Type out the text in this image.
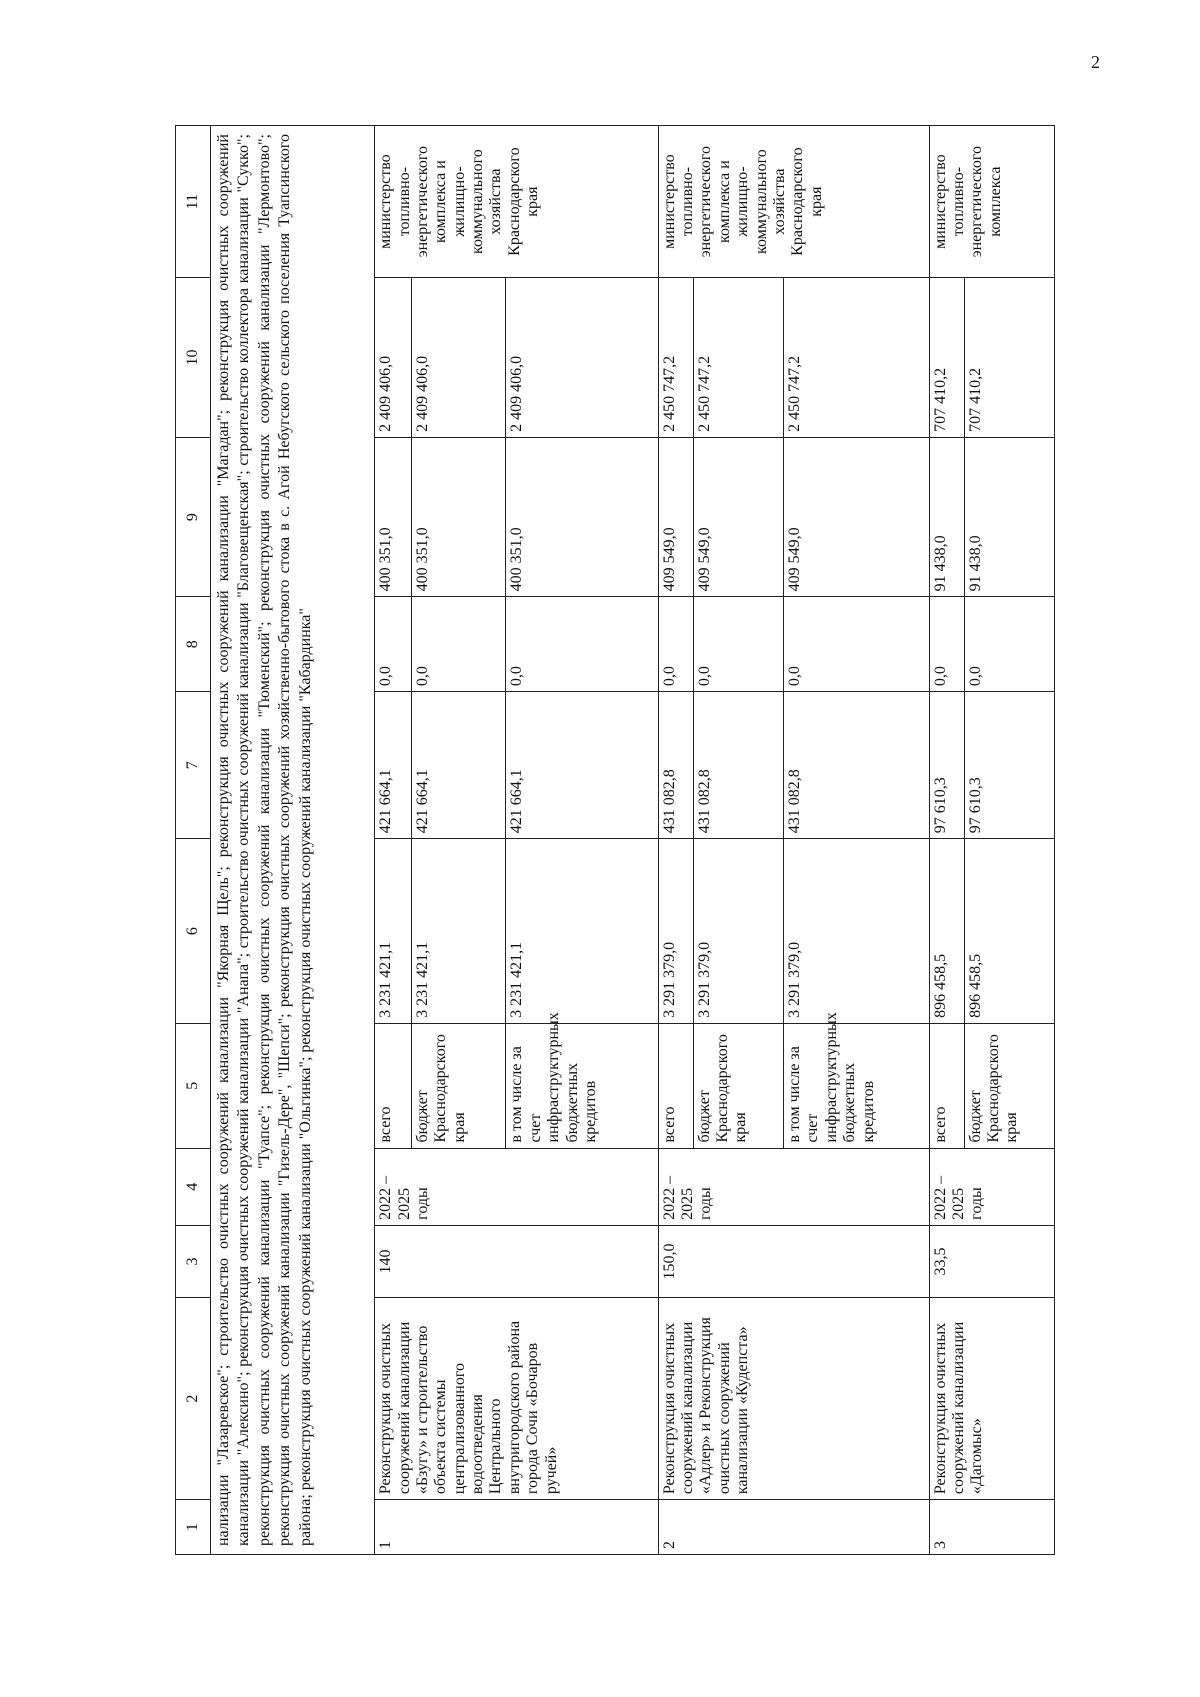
2
1	2	3	4	5	6	7	8	9	10	11
нализации "Лазаревское"; строительство очистных сооружений канализации "Якорная Щель"; реконструкция очистных сооружений канализации "Магадан"; реконструкция очистных сооружений канализации "Алексино"; реконструкция очистных сооружений канализации "Анапа"; строительство очистных сооружений канализации "Благовещенская"; строительство коллектора канализации "Сукко"; реконструкция очистных сооружений канализации "Туапсе"; реконструкция очистных сооружений канализации "Тюменский"; реконструкция очистных сооружений канализации "Лермонтово"; реконструкция очистных сооружений канализации "Гизель-Дере", "Шепси"; реконструкция очистных сооружений хозяйственно-бытового стока в с. Агой Небугского сельского поселения Туапсинского района; реконструкция очистных сооружений канализации "Ольгинка"; реконструкция очистных сооружений канализации "Кабардинка"										
1	Реконструкция очистных сооружений канализации «Бзугу» и строительство объекта системы централизованного водоотведения Центрального внутригородского района города Сочи «Бочаров ручей»	140	2022 – 2025 годы	всего	3 231 421,1	421 664,1	0,0	400 351,0	2 409 406,0	министерство топливно-энергетического комплекса и жилищно-коммунального хозяйства Краснодарского края
				бюджет Краснодарского края	3 231 421,1	421 664,1	0,0	400 351,0	2 409 406,0	
				в том числе за счет инфраструктурных бюджетных кредитов	3 231 421,1	421 664,1	0,0	400 351,0	2 409 406,0	
2	Реконструкция очистных сооружений канализации «Адлер» и Реконструкция очистных сооружений канализации «Кудепста»	150,0	2022 – 2025 годы	всего	3 291 379,0	431 082,8	0,0	409 549,0	2 450 747,2	министерство топливно-энергетического комплекса и жилищно-коммунального хозяйства Краснодарского края
				бюджет Краснодарского края	3 291 379,0	431 082,8	0,0	409 549,0	2 450 747,2	
				в том числе за счет инфраструктурных бюджетных кредитов	3 291 379,0	431 082,8	0,0	409 549,0	2 450 747,2	
3	Реконструкция очистных сооружений канализации «Дагомыс»	33,5	2022 – 2025 годы	всего	896 458,5	97 610,3	0,0	91 438,0	707 410,2	министерство топливно-энергетического комплекса
				бюджет Краснодарского края	896 458,5	97 610,3	0,0	91 438,0	707 410,2	
